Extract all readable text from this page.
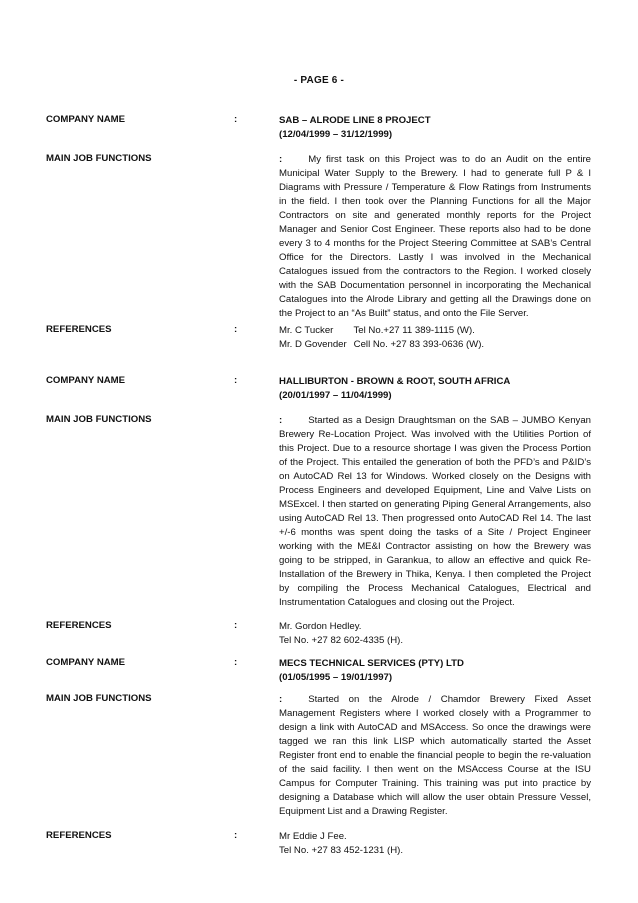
- PAGE 6 -
COMPANY NAME	:	SAB – ALRODE LINE 8 PROJECT
(12/04/1999 – 31/12/1999)
MAIN JOB FUNCTIONS	:	My first task on this Project was to do an Audit on the entire Municipal Water Supply to the Brewery. I had to generate full P & I Diagrams with Pressure / Temperature & Flow Ratings from Instruments in the field. I then took over the Planning Functions for all the Major Contractors on site and generated monthly reports for the Project Manager and Senior Cost Engineer. These reports also had to be done every 3 to 4 months for the Project Steering Committee at SAB’s Central Office for the Directors. Lastly I was involved in the Mechanical Catalogues issued from the contractors to the Region. I worked closely with the SAB Documentation personnel in incorporating the Mechanical Catalogues into the Alrode Library and getting all the Drawings done on the Project to an “As Built” status, and onto the File Server.
REFERENCES	:	Mr. C Tucker Tel No.+27 11 389-1115 (W).
Mr. D Govender Cell No. +27 83 393-0636 (W).
COMPANY NAME	:	HALLIBURTON - BROWN & ROOT, SOUTH AFRICA
(20/01/1997 – 11/04/1999)
MAIN JOB FUNCTIONS	:	Started as a Design Draughtsman on the SAB – JUMBO Kenyan Brewery Re-Location Project. Was involved with the Utilities Portion of this Project. Due to a resource shortage I was given the Process Portion of the Project. This entailed the generation of both the PFD’s and P&ID’s on AutoCAD Rel 13 for Windows. Worked closely on the Designs with Process Engineers and developed Equipment, Line and Valve Lists on MSExcel. I then started on generating Piping General Arrangements, also using AutoCAD Rel 13. Then progressed onto AutoCAD Rel 14. The last +/-6 months was spent doing the tasks of a Site / Project Engineer working with the ME&I Contractor assisting on how the Brewery was going to be stripped, in Garankua, to allow an effective and quick Re-Installation of the Brewery in Thika, Kenya. I then completed the Project by compiling the Process Mechanical Catalogues, Electrical and Instrumentation Catalogues and closing out the Project.
REFERENCES	:	Mr. Gordon Hedley.
Tel No. +27 82 602-4335 (H).
COMPANY NAME	:	MECS TECHNICAL SERVICES (PTY) LTD
(01/05/1995 – 19/01/1997)
MAIN JOB FUNCTIONS	:	Started on the Alrode / Chamdor Brewery Fixed Asset Management Registers where I worked closely with a Programmer to design a link with AutoCAD and MSAccess. So once the drawings were tagged we ran this link LISP which automatically started the Asset Register front end to enable the financial people to begin the re-valuation of the said facility. I then went on the MSAccess Course at the ISU Campus for Computer Training. This training was put into practice by designing a Database which will allow the user obtain Pressure Vessel, Equipment List and a Drawing Register.
REFERENCES	:	Mr Eddie J Fee.
Tel No. +27 83 452-1231 (H).
